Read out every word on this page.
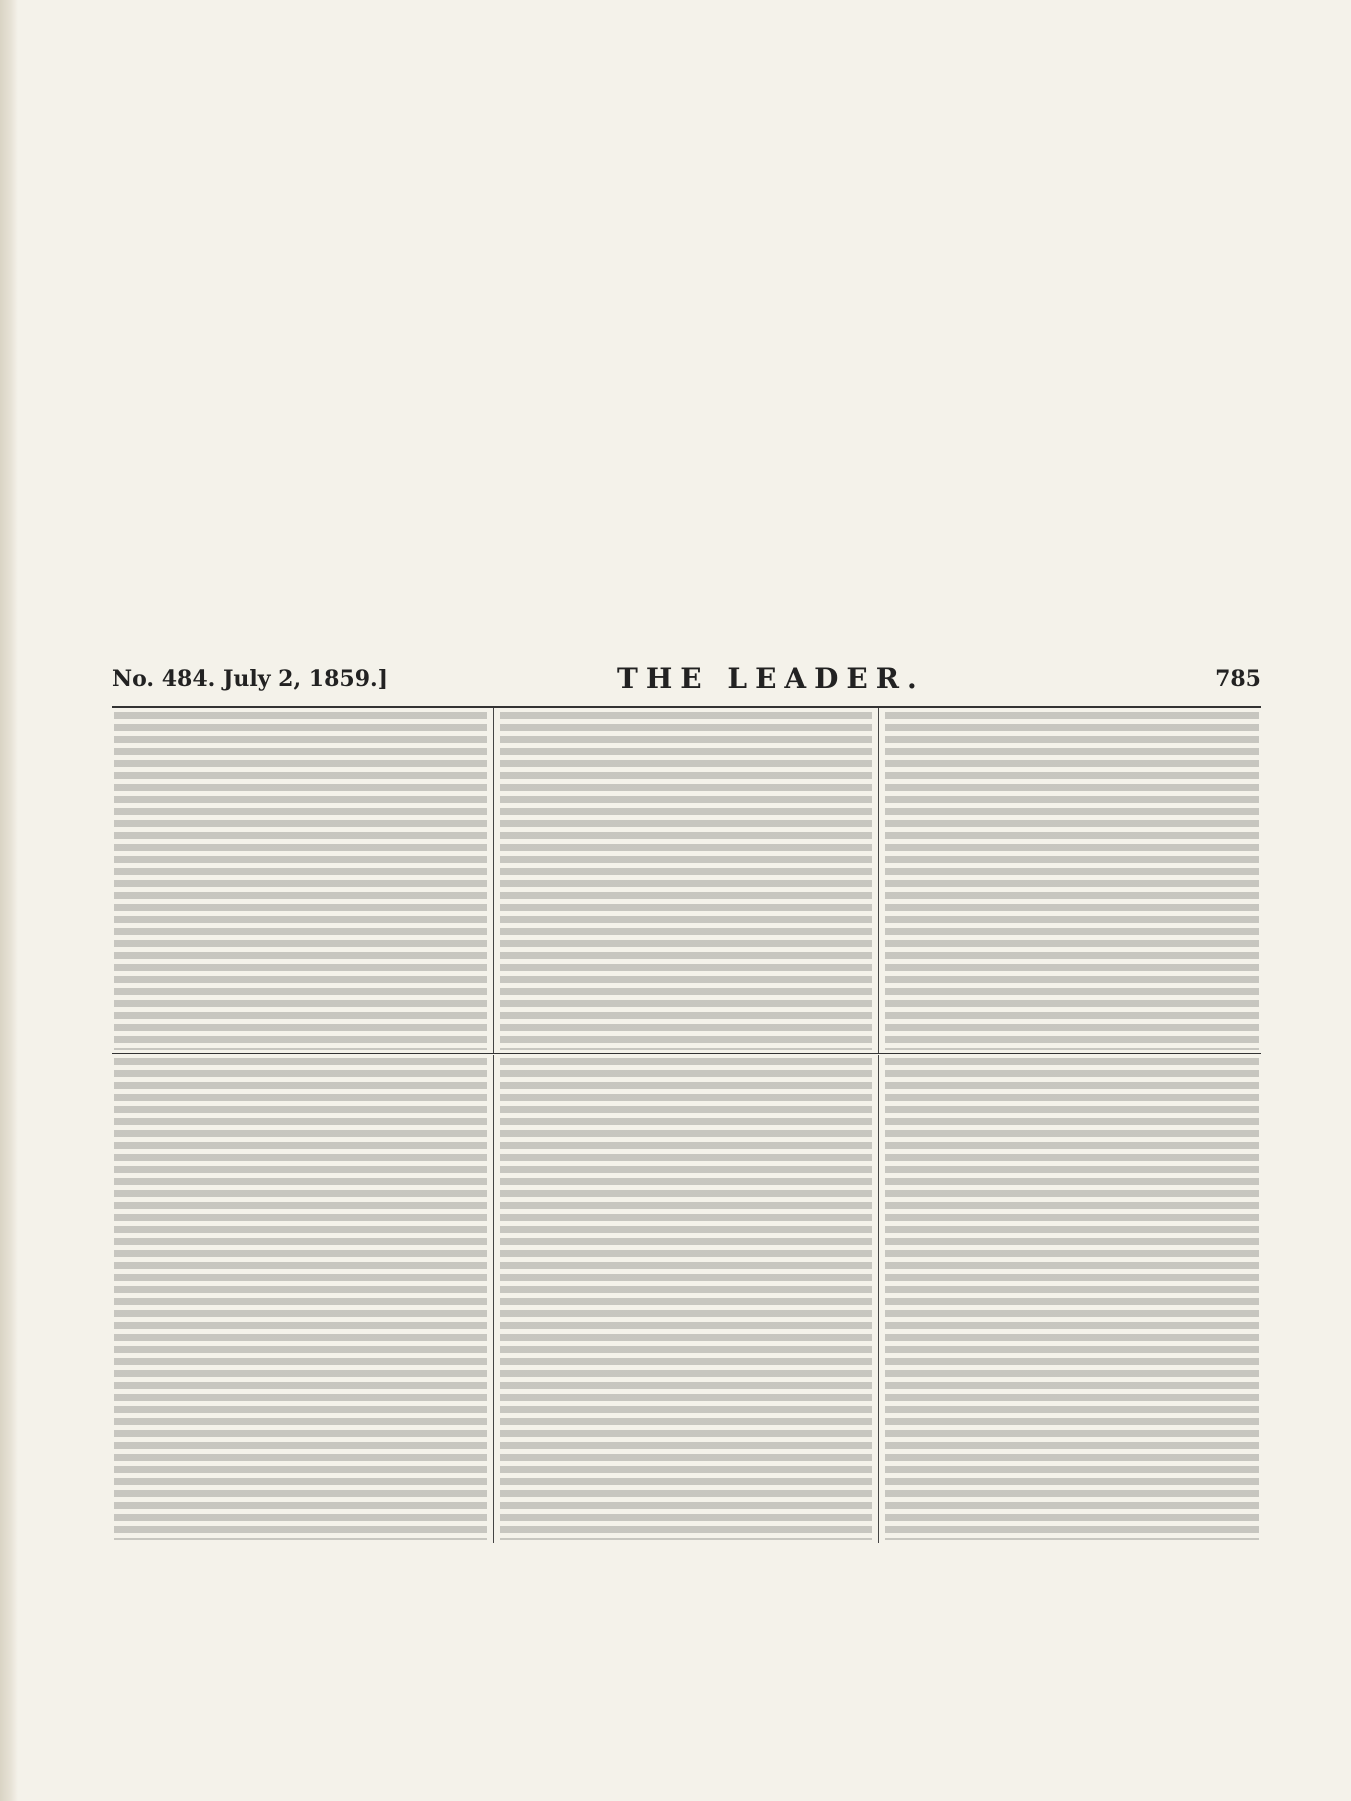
No. 484. July 2, 1859.]	THE LEADER.	785
